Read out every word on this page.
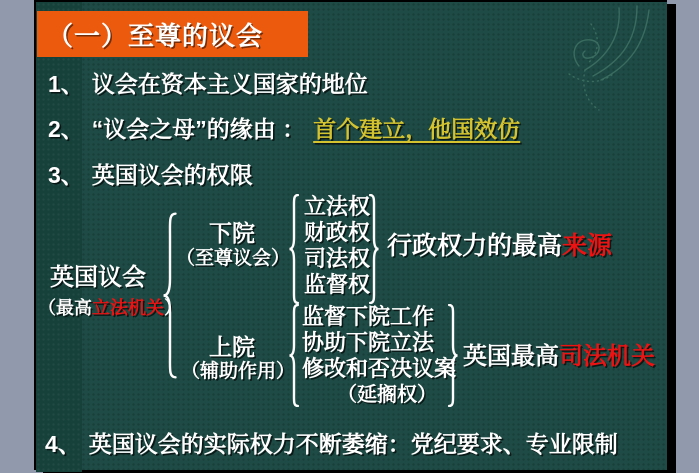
（一）至尊的议会
1、 议会在资本主义国家的地位
2、 “议会之母”的缘由 ： 首个建立，他国效仿
3、 英国议会的权限
英国议会
（最高立法机关）
下院
（至尊议会）
立法权
财政权
司法权
监督权
行政权力的最高来源
上院
（辅助作用）
监督下院工作
协助下院立法
修改和否决议案
（延搁权）
英国最高司法机关
4、 英国议会的实际权力不断萎缩：党纪要求、专业限制
